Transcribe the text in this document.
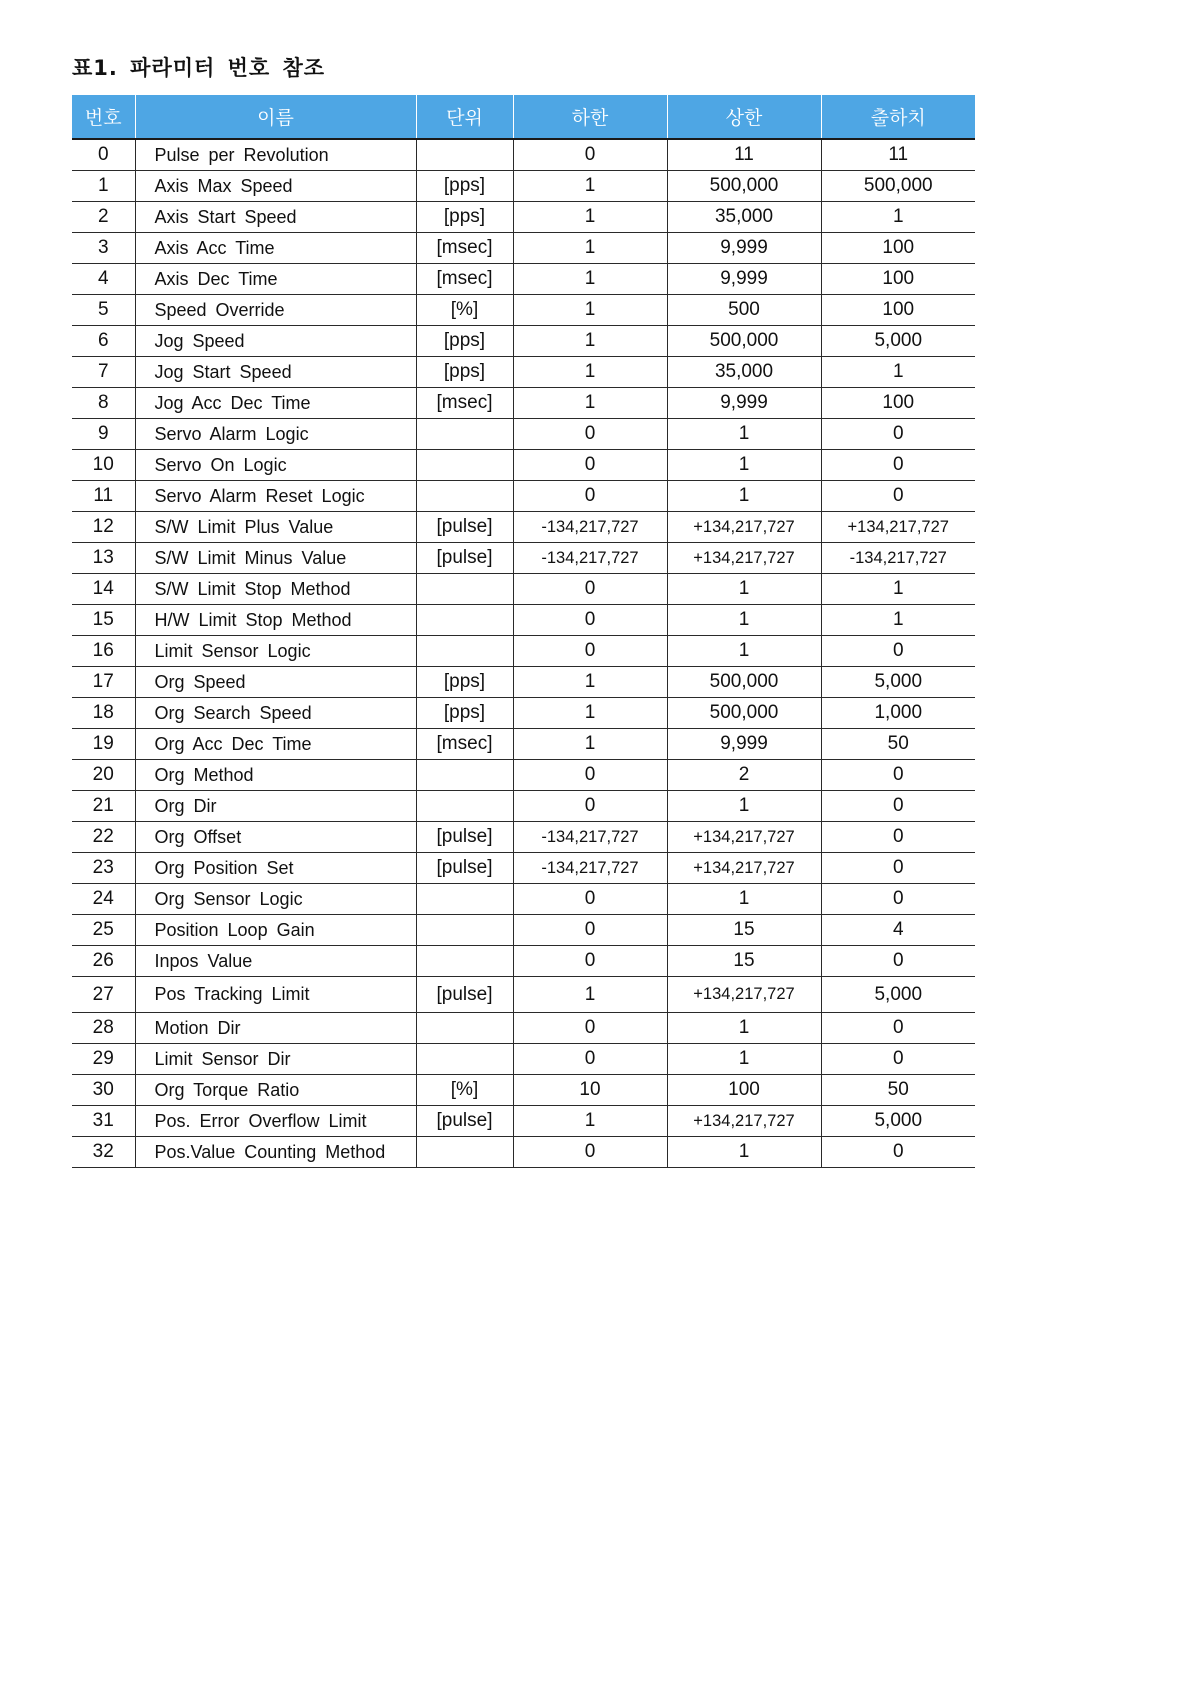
표1. 파라미터 번호 참조
번호	이름	단위	하한	상한	출하치
0	Pulse per Revolution		0	11	11
1	Axis Max Speed	[pps]	1	500,000	500,000
2	Axis Start Speed	[pps]	1	35,000	1
3	Axis Acc Time	[msec]	1	9,999	100
4	Axis Dec Time	[msec]	1	9,999	100
5	Speed Override	[%]	1	500	100
6	Jog Speed	[pps]	1	500,000	5,000
7	Jog Start Speed	[pps]	1	35,000	1
8	Jog Acc Dec Time	[msec]	1	9,999	100
9	Servo Alarm Logic		0	1	0
10	Servo On Logic		0	1	0
11	Servo Alarm Reset Logic		0	1	0
12	S/W Limit Plus Value	[pulse]	-134,217,727	+134,217,727	+134,217,727
13	S/W Limit Minus Value	[pulse]	-134,217,727	+134,217,727	-134,217,727
14	S/W Limit Stop Method		0	1	1
15	H/W Limit Stop Method		0	1	1
16	Limit Sensor Logic		0	1	0
17	Org Speed	[pps]	1	500,000	5,000
18	Org Search Speed	[pps]	1	500,000	1,000
19	Org Acc Dec Time	[msec]	1	9,999	50
20	Org Method		0	2	0
21	Org Dir		0	1	0
22	Org Offset	[pulse]	-134,217,727	+134,217,727	0
23	Org Position Set	[pulse]	-134,217,727	+134,217,727	0
24	Org Sensor Logic		0	1	0
25	Position Loop Gain		0	15	4
26	Inpos Value		0	15	0
27	Pos Tracking Limit	[pulse]	1	+134,217,727	5,000
28	Motion Dir		0	1	0
29	Limit Sensor Dir		0	1	0
30	Org Torque Ratio	[%]	10	100	50
31	Pos. Error Overflow Limit	[pulse]	1	+134,217,727	5,000
32	Pos.Value Counting Method		0	1	0
